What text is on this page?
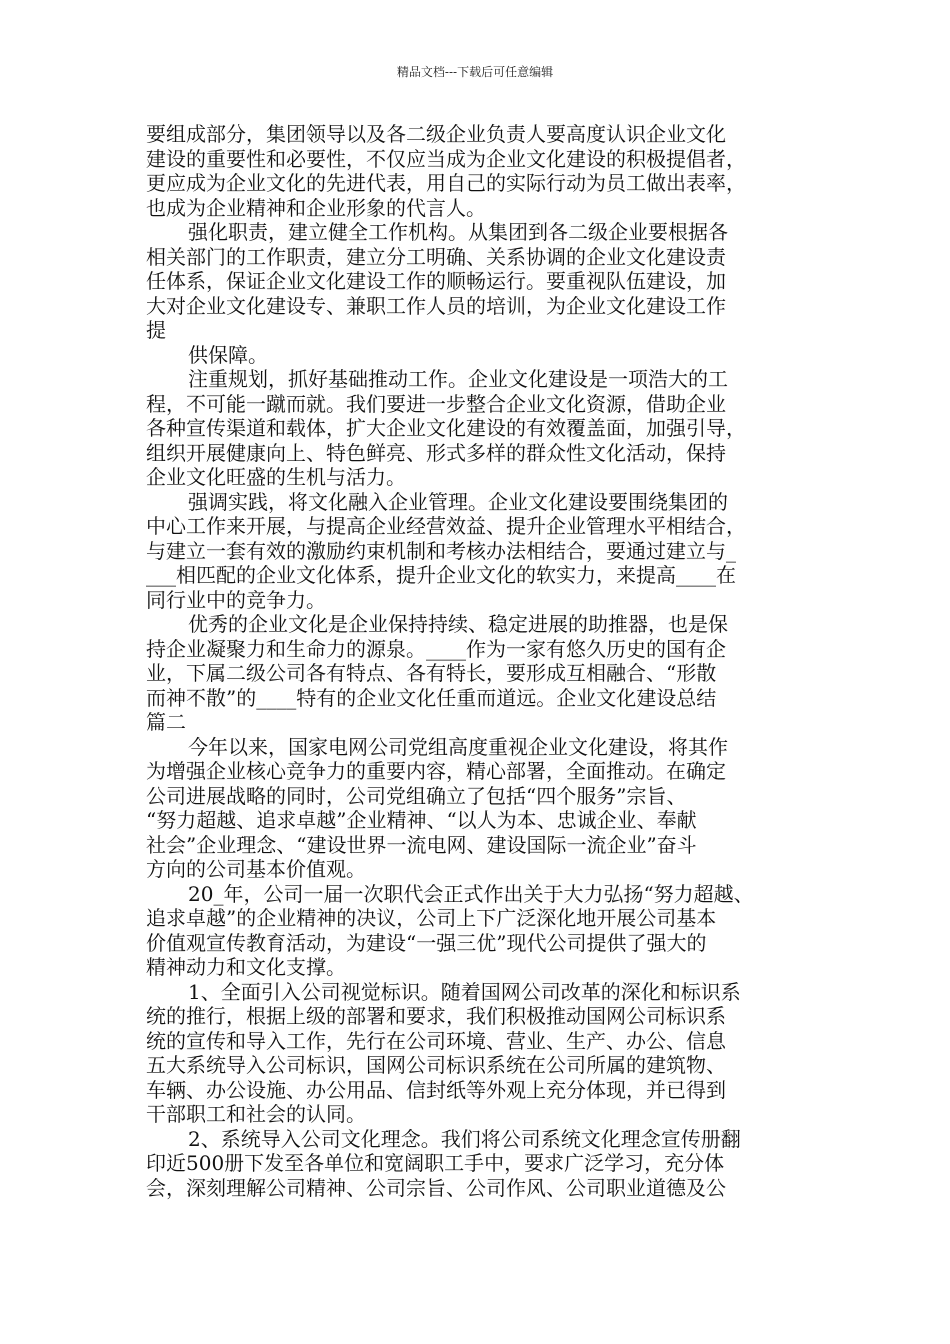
精品文档---下载后可任意编辑
要组成部分，集团领导以及各二级企业负责人要高度认识企业文化
建设的重要性和必要性，不仅应当成为企业文化建设的积极提倡者，
更应成为企业文化的先进代表，用自己的实际行动为员工做出表率，
也成为企业精神和企业形象的代言人。
强化职责，建立健全工作机构。从集团到各二级企业要根据各
相关部门的工作职责，建立分工明确、关系协调的企业文化建设责
任体系，保证企业文化建设工作的顺畅运行。要重视队伍建设，加
大对企业文化建设专、兼职工作人员的培训，为企业文化建设工作
提
供保障。
注重规划，抓好基础推动工作。企业文化建设是一项浩大的工
程，不可能一蹴而就。我们要进一步整合企业文化资源，借助企业
各种宣传渠道和载体，扩大企业文化建设的有效覆盖面，加强引导，
组织开展健康向上、特色鲜亮、形式多样的群众性文化活动，保持
企业文化旺盛的生机与活力。
强调实践，将文化融入企业管理。企业文化建设要围绕集团的
中心工作来开展，与提高企业经营效益、提升企业管理水平相结合，
与建立一套有效的激励约束机制和考核办法相结合，要通过建立与_
___相匹配的企业文化体系，提升企业文化的软实力，来提高____在
同行业中的竞争力。
优秀的企业文化是企业保持持续、稳定进展的助推器，也是保
持企业凝聚力和生命力的源泉。____作为一家有悠久历史的国有企
业，下属二级公司各有特点、各有特长，要形成互相融合、“形散
而神不散”的____特有的企业文化任重而道远。企业文化建设总结
篇二
今年以来，国家电网公司党组高度重视企业文化建设，将其作
为增强企业核心竞争力的重要内容，精心部署，全面推动。在确定
公司进展战略的同时，公司党组确立了包括“四个服务”宗旨、
“努力超越、追求卓越”企业精神、“以人为本、忠诚企业、奉献
社会”企业理念、“建设世界一流电网、建设国际一流企业”奋斗
方向的公司基本价值观。
20_年，公司一届一次职代会正式作出关于大力弘扬“努力超越、
追求卓越”的企业精神的决议，公司上下广泛深化地开展公司基本
价值观宣传教育活动，为建设“一强三优”现代公司提供了强大的
精神动力和文化支撑。
1、全面引入公司视觉标识。随着国网公司改革的深化和标识系
统的推行，根据上级的部署和要求，我们积极推动国网公司标识系
统的宣传和导入工作，先行在公司环境、营业、生产、办公、信息
五大系统导入公司标识，国网公司标识系统在公司所属的建筑物、
车辆、办公设施、办公用品、信封纸等外观上充分体现，并已得到
干部职工和社会的认同。
2、系统导入公司文化理念。我们将公司系统文化理念宣传册翻
印近500册下发至各单位和宽阔职工手中，要求广泛学习，充分体
会，深刻理解公司精神、公司宗旨、公司作风、公司职业道德及公
